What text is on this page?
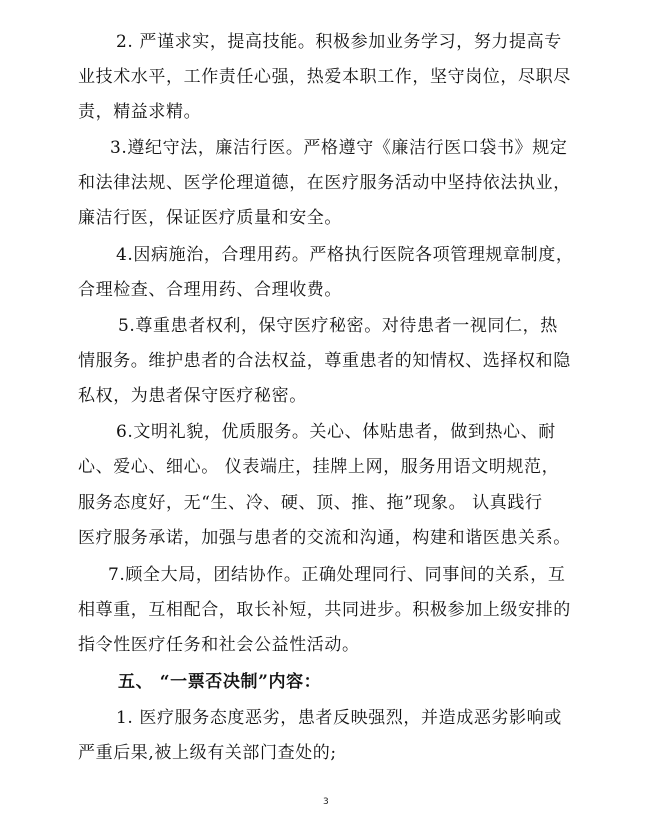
2. 严谨求实，提高技能。积极参加业务学习，努力提高专
业技术水平，工作责任心强，热爱本职工作，坚守岗位，尽职尽
责，精益求精。
3.遵纪守法，廉洁行医。严格遵守《廉洁行医口袋书》规定
和法律法规、医学伦理道德，在医疗服务活动中坚持依法执业，
廉洁行医，保证医疗质量和安全。
4.因病施治，合理用药。严格执行医院各项管理规章制度，
合理检查、合理用药、合理收费。
5.尊重患者权利，保守医疗秘密。对待患者一视同仁，热
情服务。维护患者的合法权益，尊重患者的知情权、选择权和隐
私权，为患者保守医疗秘密。
6.文明礼貌，优质服务。关心、体贴患者，做到热心、耐
心、爱心、细心。 仪表端庄，挂牌上网，服务用语文明规范，
服务态度好，无“生、冷、硬、顶、推、拖”现象。 认真践行
医疗服务承诺，加强与患者的交流和沟通，构建和谐医患关系。
7.顾全大局，团结协作。正确处理同行、同事间的关系，互
相尊重，互相配合，取长补短，共同进步。积极参加上级安排的
指令性医疗任务和社会公益性活动。
五、 “一票否决制”内容：
1. 医疗服务态度恶劣，患者反映强烈，并造成恶劣影响或
严重后果,被上级有关部门查处的;
3
